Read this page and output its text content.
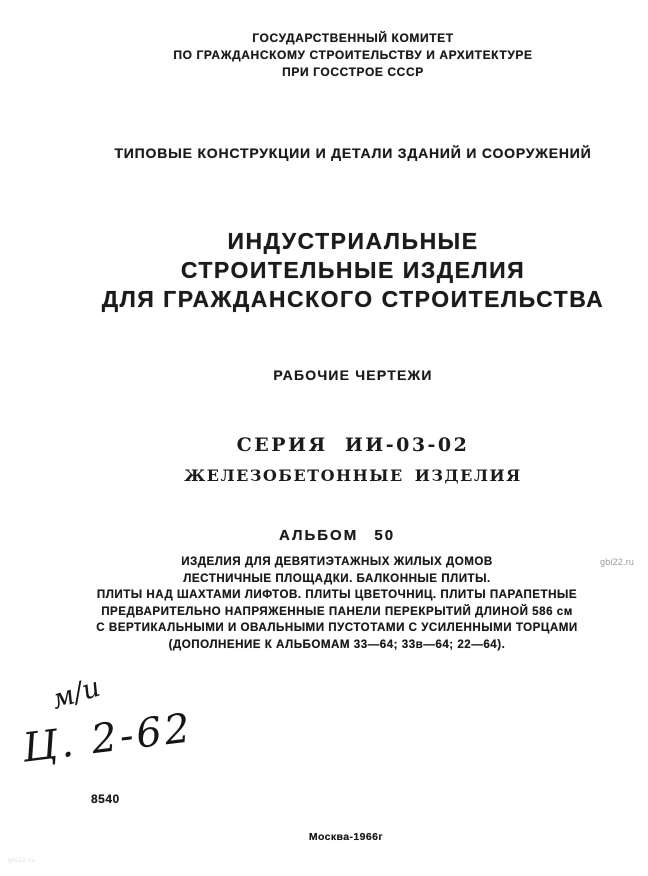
ГОСУДАРСТВЕННЫЙ КОМИТЕТ
ПО ГРАЖДАНСКОМУ СТРОИТЕЛЬСТВУ И АРХИТЕКТУРЕ
ПРИ ГОССТРОЕ СССР
ТИПОВЫЕ КОНСТРУКЦИИ И ДЕТАЛИ ЗДАНИЙ И СООРУЖЕНИЙ
ИНДУСТРИАЛЬНЫЕ
СТРОИТЕЛЬНЫЕ ИЗДЕЛИЯ
ДЛЯ ГРАЖДАНСКОГО СТРОИТЕЛЬСТВА
РАБОЧИЕ ЧЕРТЕЖИ
СЕРИЯ ИИ-03-02
ЖЕЛЕЗОБЕТОННЫЕ ИЗДЕЛИЯ
АЛЬБОМ 50
ИЗДЕЛИЯ ДЛЯ ДЕВЯТИЭТАЖНЫХ ЖИЛЫХ ДОМОВ
ЛЕСТНИЧНЫЕ ПЛОЩАДКИ. БАЛКОННЫЕ ПЛИТЫ.
ПЛИТЫ НАД ШАХТАМИ ЛИФТОВ. ПЛИТЫ ЦВЕТОЧНИЦ. ПЛИТЫ ПАРАПЕТНЫЕ
ПРЕДВАРИТЕЛЬНО НАПРЯЖЕННЫЕ ПАНЕЛИ ПЕРЕКРЫТИЙ ДЛИНОЙ 586 см
С ВЕРТИКАЛЬНЫМИ И ОВАЛЬНЫМИ ПУСТОТАМИ С УСИЛЕННЫМИ ТОРЦАМИ
(ДОПОЛНЕНИЕ К АЛЬБОМАМ 33—64; 33в—64; 22—64).
м/и
Ц. 2-62
8540
Москва-1966г
gbi22.ru
gbi22.ru
